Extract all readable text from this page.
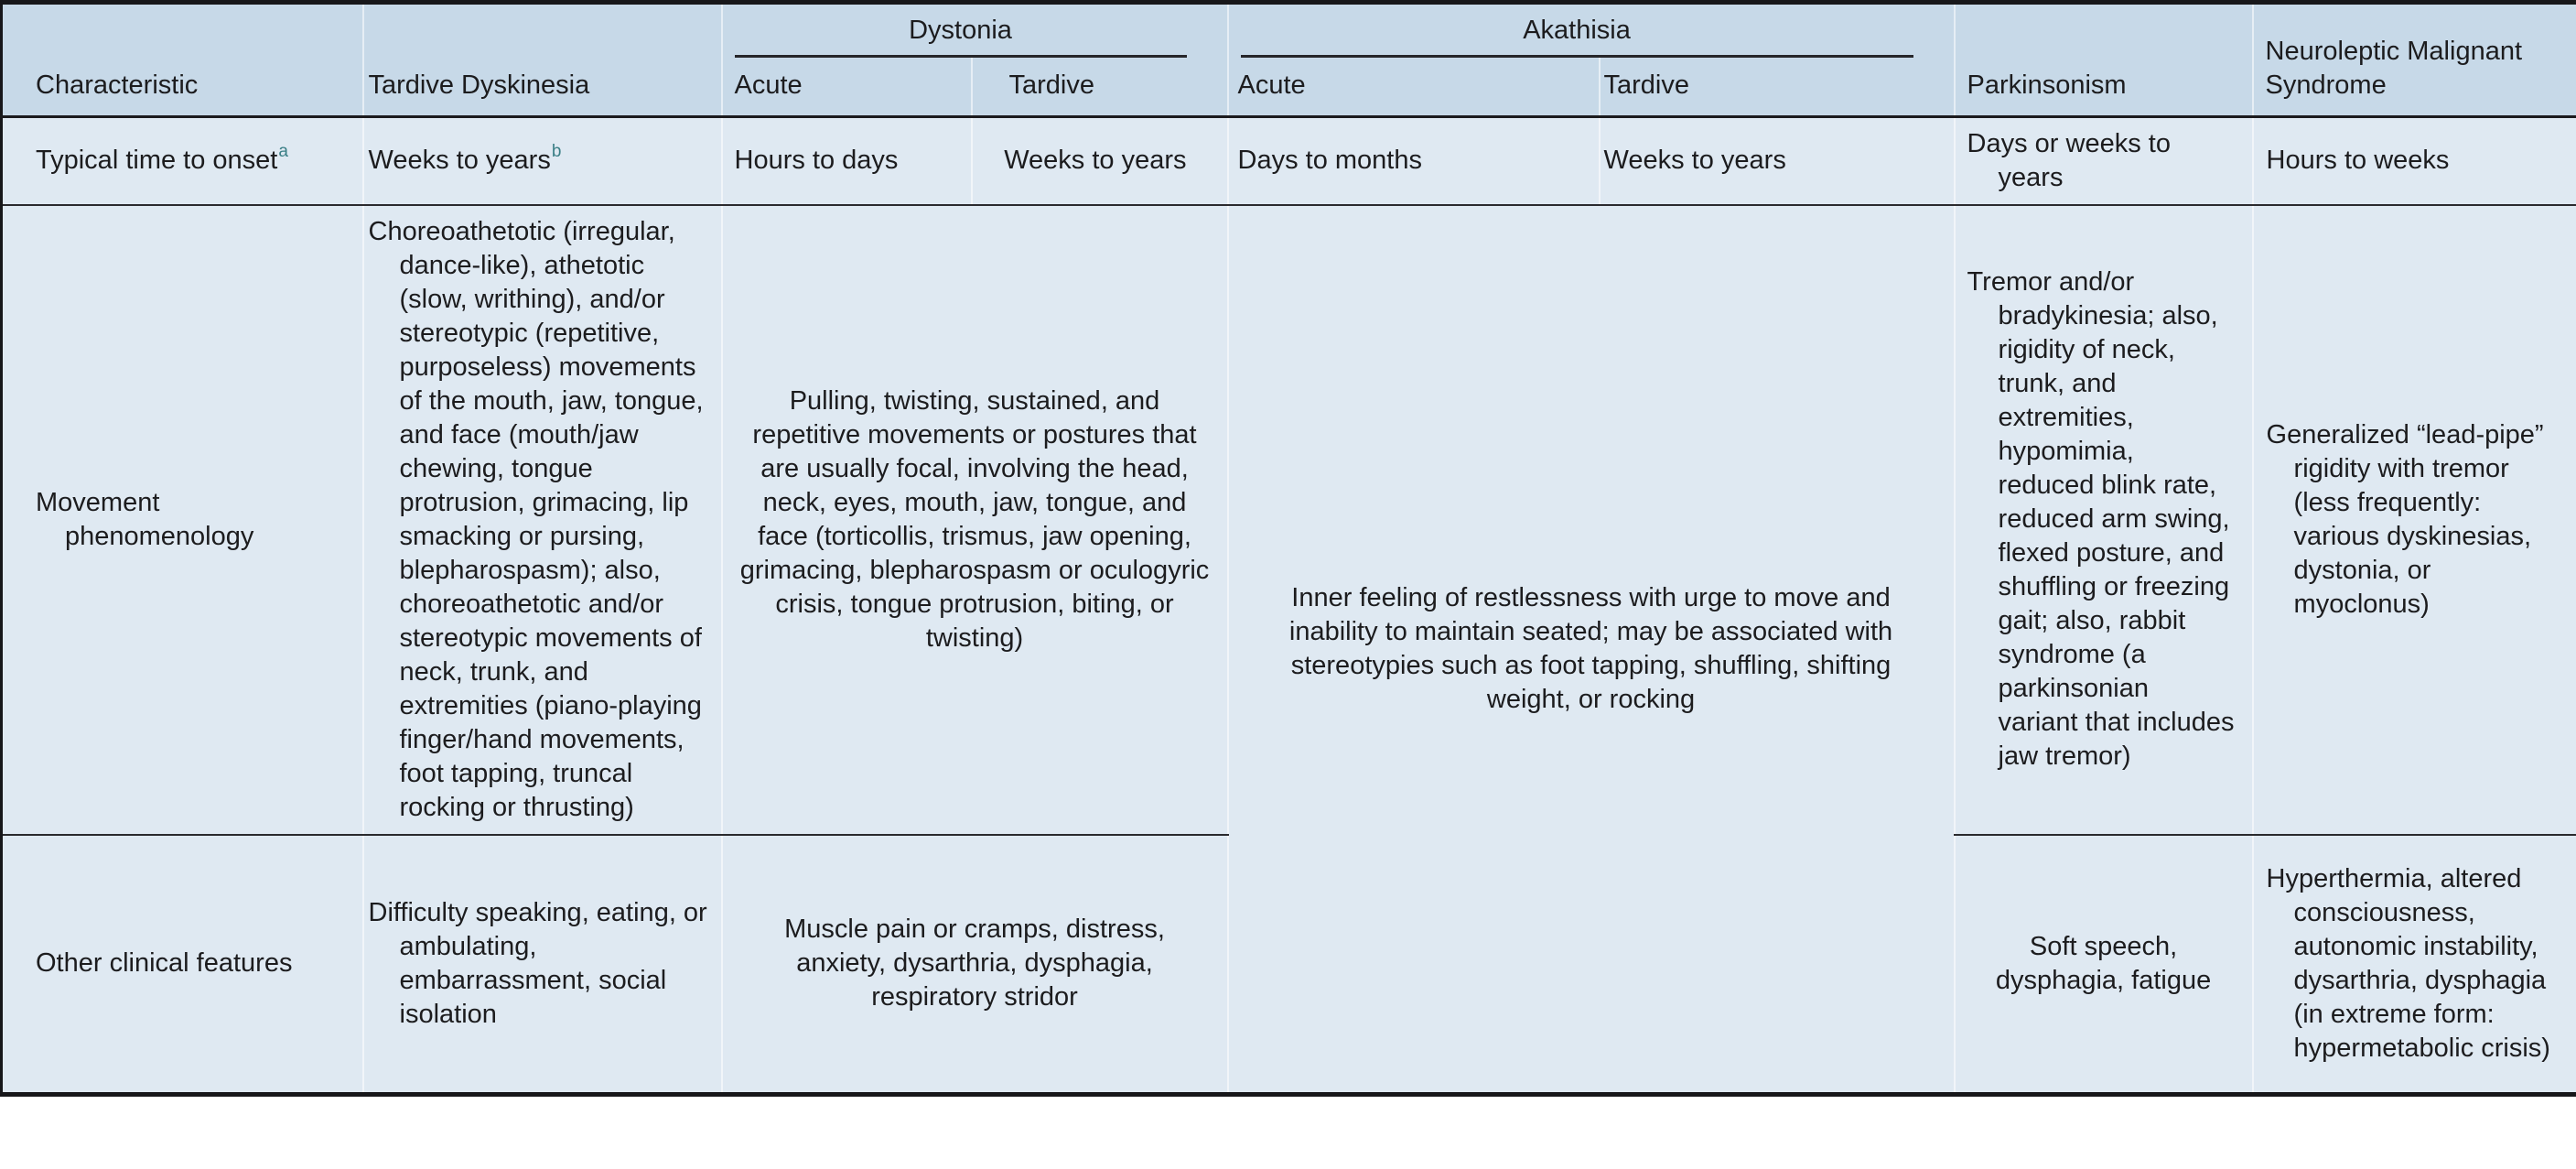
Characteristic	Tardive Dyskinesia	Dystonia		Akathisia		Parkinsonism	Neuroleptic Malignant Syndrome
		Acute	Tardive	Acute	Tardive		
Typical time to onset$^a$	Weeks to years$^b$	Hours to days	Weeks to years	Days to months	Weeks to years	Days or weeks to years	Hours to weeks
Movement phenomenology	Choreoathetotic (irregular, dance-like), athetotic (slow, writhing), and/or stereotypic (repetitive, purposeless) movements of the mouth, jaw, tongue, and face (mouth/jaw chewing, tongue protrusion, grimacing, lip smacking or pursing, blepharospasm); also, choreoathetotic and/or stereotypic movements of neck, trunk, and extremities (piano-playing finger/hand movements, foot tapping, truncal rocking or thrusting)	Pulling, twisting, sustained, and repetitive movements or postures that are usually focal, involving the head, neck, eyes, mouth, jaw, tongue, and face (torticollis, trismus, jaw opening, grimacing, blepharospasm or oculogyric crisis, tongue protrusion, biting, or twisting)	Inner feeling of restlessness with urge to move and inability to maintain seated; may be associated with stereotypies such as foot tapping, shuffling, shifting weight, or rocking	Tremor and/or bradykinesia; also, rigidity of neck, trunk, and extremities, hypomimia, reduced blink rate, reduced arm swing, flexed posture, and shuffling or freezing gait; also, rabbit syndrome (a parkinsonian variant that includes jaw tremor)	Generalized “lead-pipe” rigidity with tremor (less frequently: various dyskinesias, dystonia, or myoclonus)
Other clinical features	Difficulty speaking, eating, or ambulating, embarrassment, social isolation	Muscle pain or cramps, distress, anxiety, dysarthria, dysphagia, respiratory stridor				Soft speech, dysphagia, fatigue	Hyperthermia, altered consciousness, autonomic instability, dysarthria, dysphagia (in extreme form: hypermetabolic crisis)
